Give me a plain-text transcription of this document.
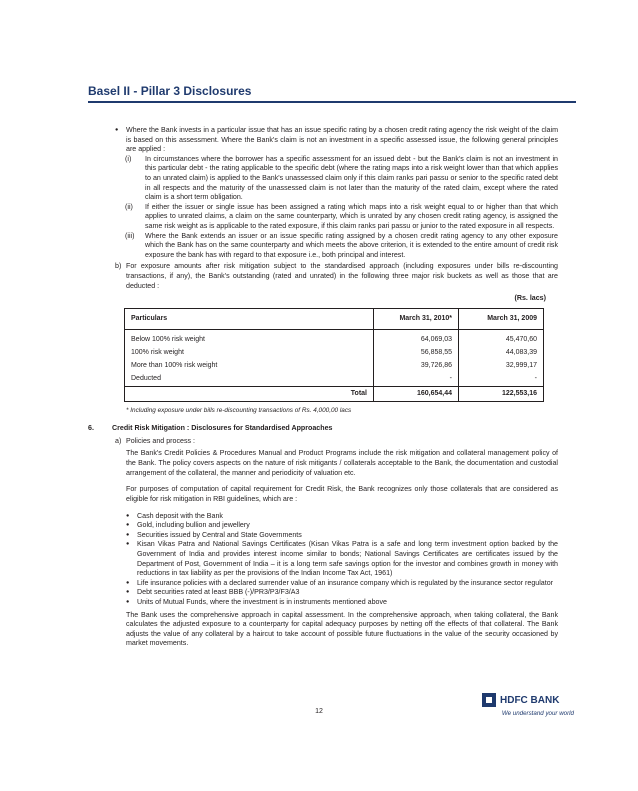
Basel II - Pillar 3 Disclosures

● Where the Bank invests in a particular issue that has an issue specific rating by a chosen credit rating agency the risk weight of the claim is based on this assessment. Where the Bank's claim is not an investment in a specific assessed issue, the following general principles are applied :

(i) In circumstances where the borrower has a specific assessment for an issued debt - but the Bank's claim is not an investment in this particular debt - the rating applicable to the specific debt (where the rating maps into a risk weight lower than that which applies to an unrated claim) is applied to the Bank's unassessed claim only if this claim ranks pari passu or senior to the specific rated debt in all respects and the maturity of the unassessed claim is not later than the maturity of the rated claim, except where the rated claim is a short term obligation.
(ii) If either the issuer or single issue has been assigned a rating which maps into a risk weight equal to or higher than that which applies to unrated claims, a claim on the same counterparty, which is unrated by any chosen credit rating agency, is assigned the same risk weight as is applicable to the rated exposure, if this claim ranks pari passu or junior to the rated exposure in all respects.
(iii) Where the Bank extends an issuer or an issue specific rating assigned by a chosen credit rating agency to any other exposure which the Bank has on the same counterparty and which meets the above criterion, it is extended to the entire amount of credit risk exposure the bank has with regard to that exposure i.e., both principal and interest.
b) For exposure amounts after risk mitigation subject to the standardised approach (including exposures under bills re-discounting transactions, if any), the Bank's outstanding (rated and unrated) in the following three major risk buckets as well as those that are deducted :
(Rs. lacs)
Particulars	March 31, 2010*	March 31, 2009
Below 100% risk weight	64,069,03	45,470,60
100% risk weight	56,858,55	44,083,39
More than 100% risk weight	39,726,86	32,999,17
Deducted	-	-
Total	160,654,44	122,553,16
* Including exposure under bills re-discounting transactions of Rs. 4,000,00 lacs
6.	Credit Risk Mitigation : Disclosures for Standardised Approaches
a) Policies and process :

The Bank's Credit Policies & Procedures Manual and Product Programs include the risk mitigation and collateral management policy of the Bank. The policy covers aspects on the nature of risk mitigants / collaterals acceptable to the Bank, the documentation and custodial arrangement of the collateral, the manner and periodicity of valuation etc.

For purposes of computation of capital requirement for Credit Risk, the Bank recognizes only those collaterals that are considered as eligible for risk mitigation in RBI guidelines, which are :

● Cash deposit with the Bank

● Gold, including bullion and jewellery

● Securities issued by Central and State Governments

● Kisan Vikas Patra and National Savings Certificates (Kisan Vikas Patra is a safe and long term investment option backed by the Government of India and provides interest income similar to bonds; National Savings Certificates are certificates issued by the Department of Post, Government of India – it is a long term safe savings option for the investor and combines growth in money with reductions in tax liability as per the provisions of the Indian Income Tax Act, 1961)

● Life insurance policies with a declared surrender value of an insurance company which is regulated by the insurance sector regulator

● Debt securities rated at least BBB (-)/PR3/P3/F3/A3

● Units of Mutual Funds, where the investment is in instruments mentioned above

The Bank uses the comprehensive approach in capital assessment. In the comprehensive approach, when taking collateral, the Bank calculates the adjusted exposure to a counterparty for capital adequacy purposes by netting off the effects of that collateral. The Bank adjusts the value of any collateral by a haircut to take account of possible future fluctuations in the value of the security occasioned by market movements.

12
HDFC BANK
We understand your world
